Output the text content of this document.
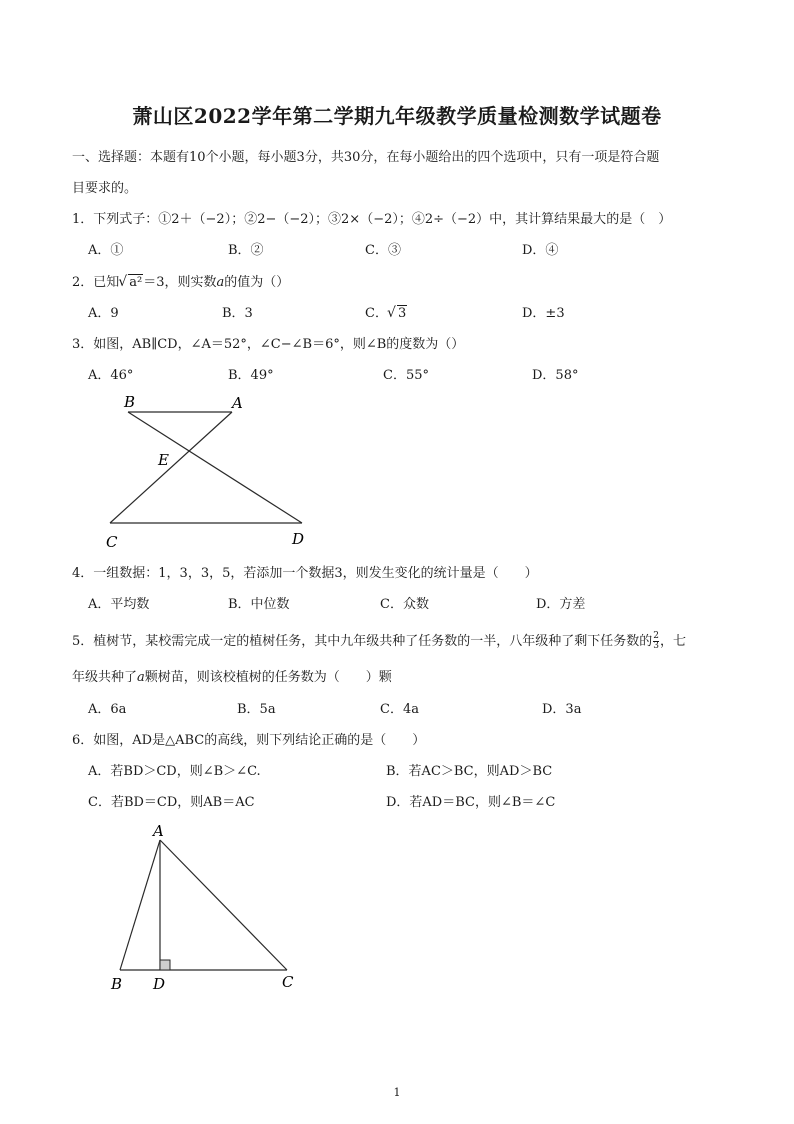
萧山区2022学年第二学期九年级教学质量检测数学试题卷
一、选择题：本题有10个小题，每小题3分，共30分，在每小题给出的四个选项中，只有一项是符合题
目要求的。
1．下列式子：①2＋（−2）；②2−（−2）；③2×（−2）；④2÷（−2）中，其计算结果最大的是（　）
A．①	B．②	C．③	D．④
2．已知 √ a²＝3，则实数a的值为（）
A．9	B．3	C． √ 3	D．±3
3．如图，AB∥CD，∠A＝52°，∠C−∠B＝6°，则∠B的度数为（）
A．46°	B．49°	C．55°	D．58°
B	A
E
C	D
4．一组数据：1，3，3，5，若添加一个数据3，则发生变化的统计量是（　　）
A．平均数	B．中位数	C．众数	D．方差
5．植树节，某校需完成一定的植树任务，其中九年级共种了任务数的一半，八年级种了剩下任务数的 $\frac{2}{3}$ ，七
年级共种了a颗树苗，则该校植树的任务数为（　　）颗
A．6a	B．5a	C．4a	D．3a
6．如图，AD是△ABC的高线，则下列结论正确的是（　　）
A．若BD＞CD，则∠B＞∠C.	B．若AC＞BC，则AD＞BC
C．若BD＝CD，则AB＝AC	D．若AD＝BC，则∠B＝∠C
A
B D	C
1
